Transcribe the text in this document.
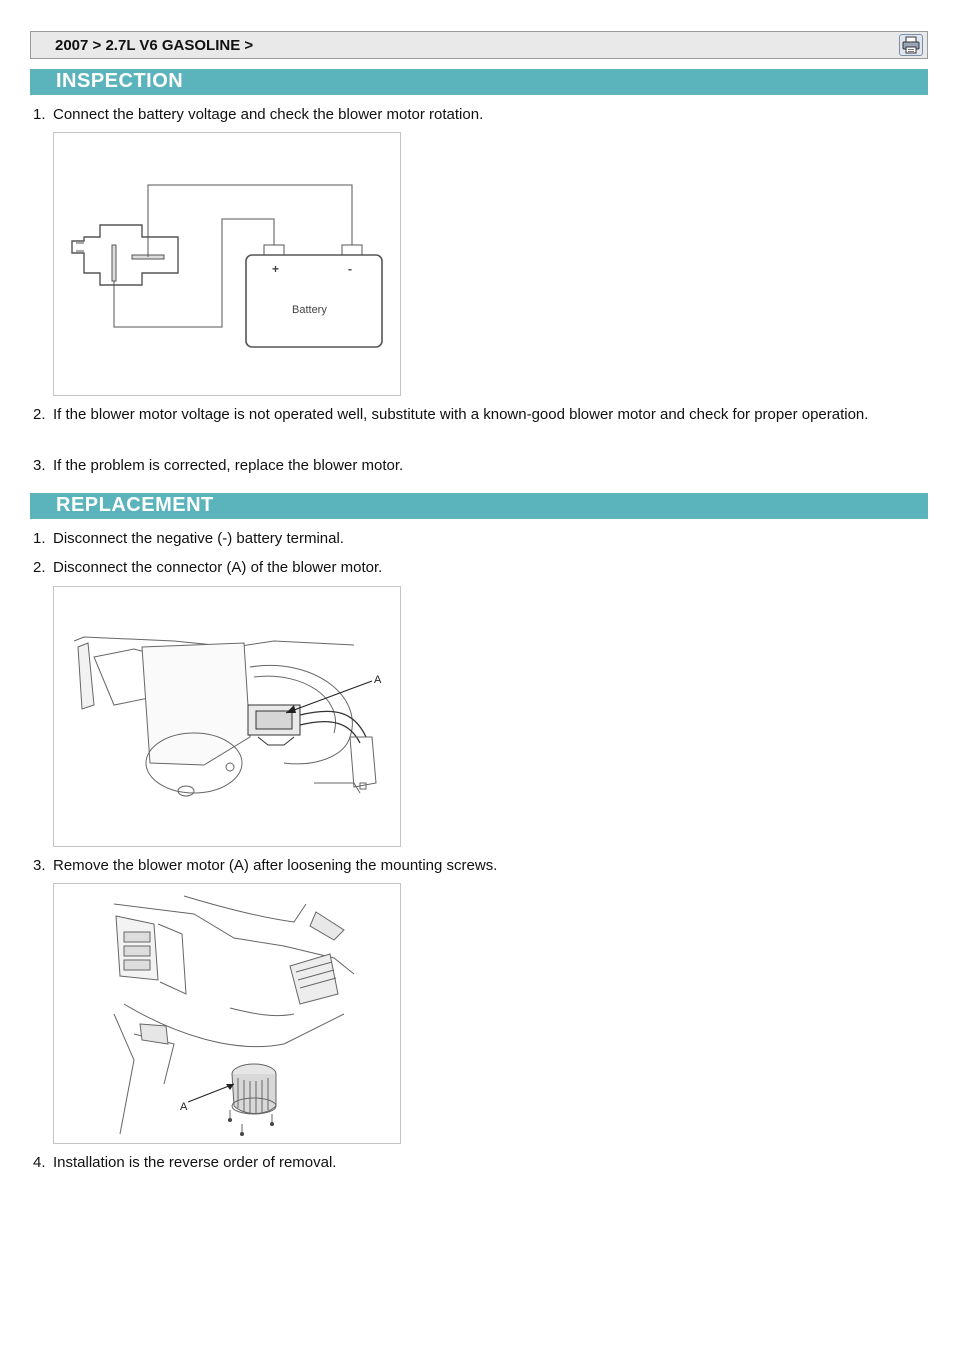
2007 > 2.7L V6 GASOLINE >
INSPECTION
1. Connect the battery voltage and check the blower motor rotation.
+	-
Battery
2. If the blower motor voltage is not operated well, substitute with a known-good blower motor and check for proper operation.
3. If the problem is corrected, replace the blower motor.
REPLACEMENT
1. Disconnect the negative (-) battery terminal.
2. Disconnect the connector (A) of the blower motor.
A
3. Remove the blower motor (A) after loosening the mounting screws.
A
4. Installation is the reverse order of removal.
